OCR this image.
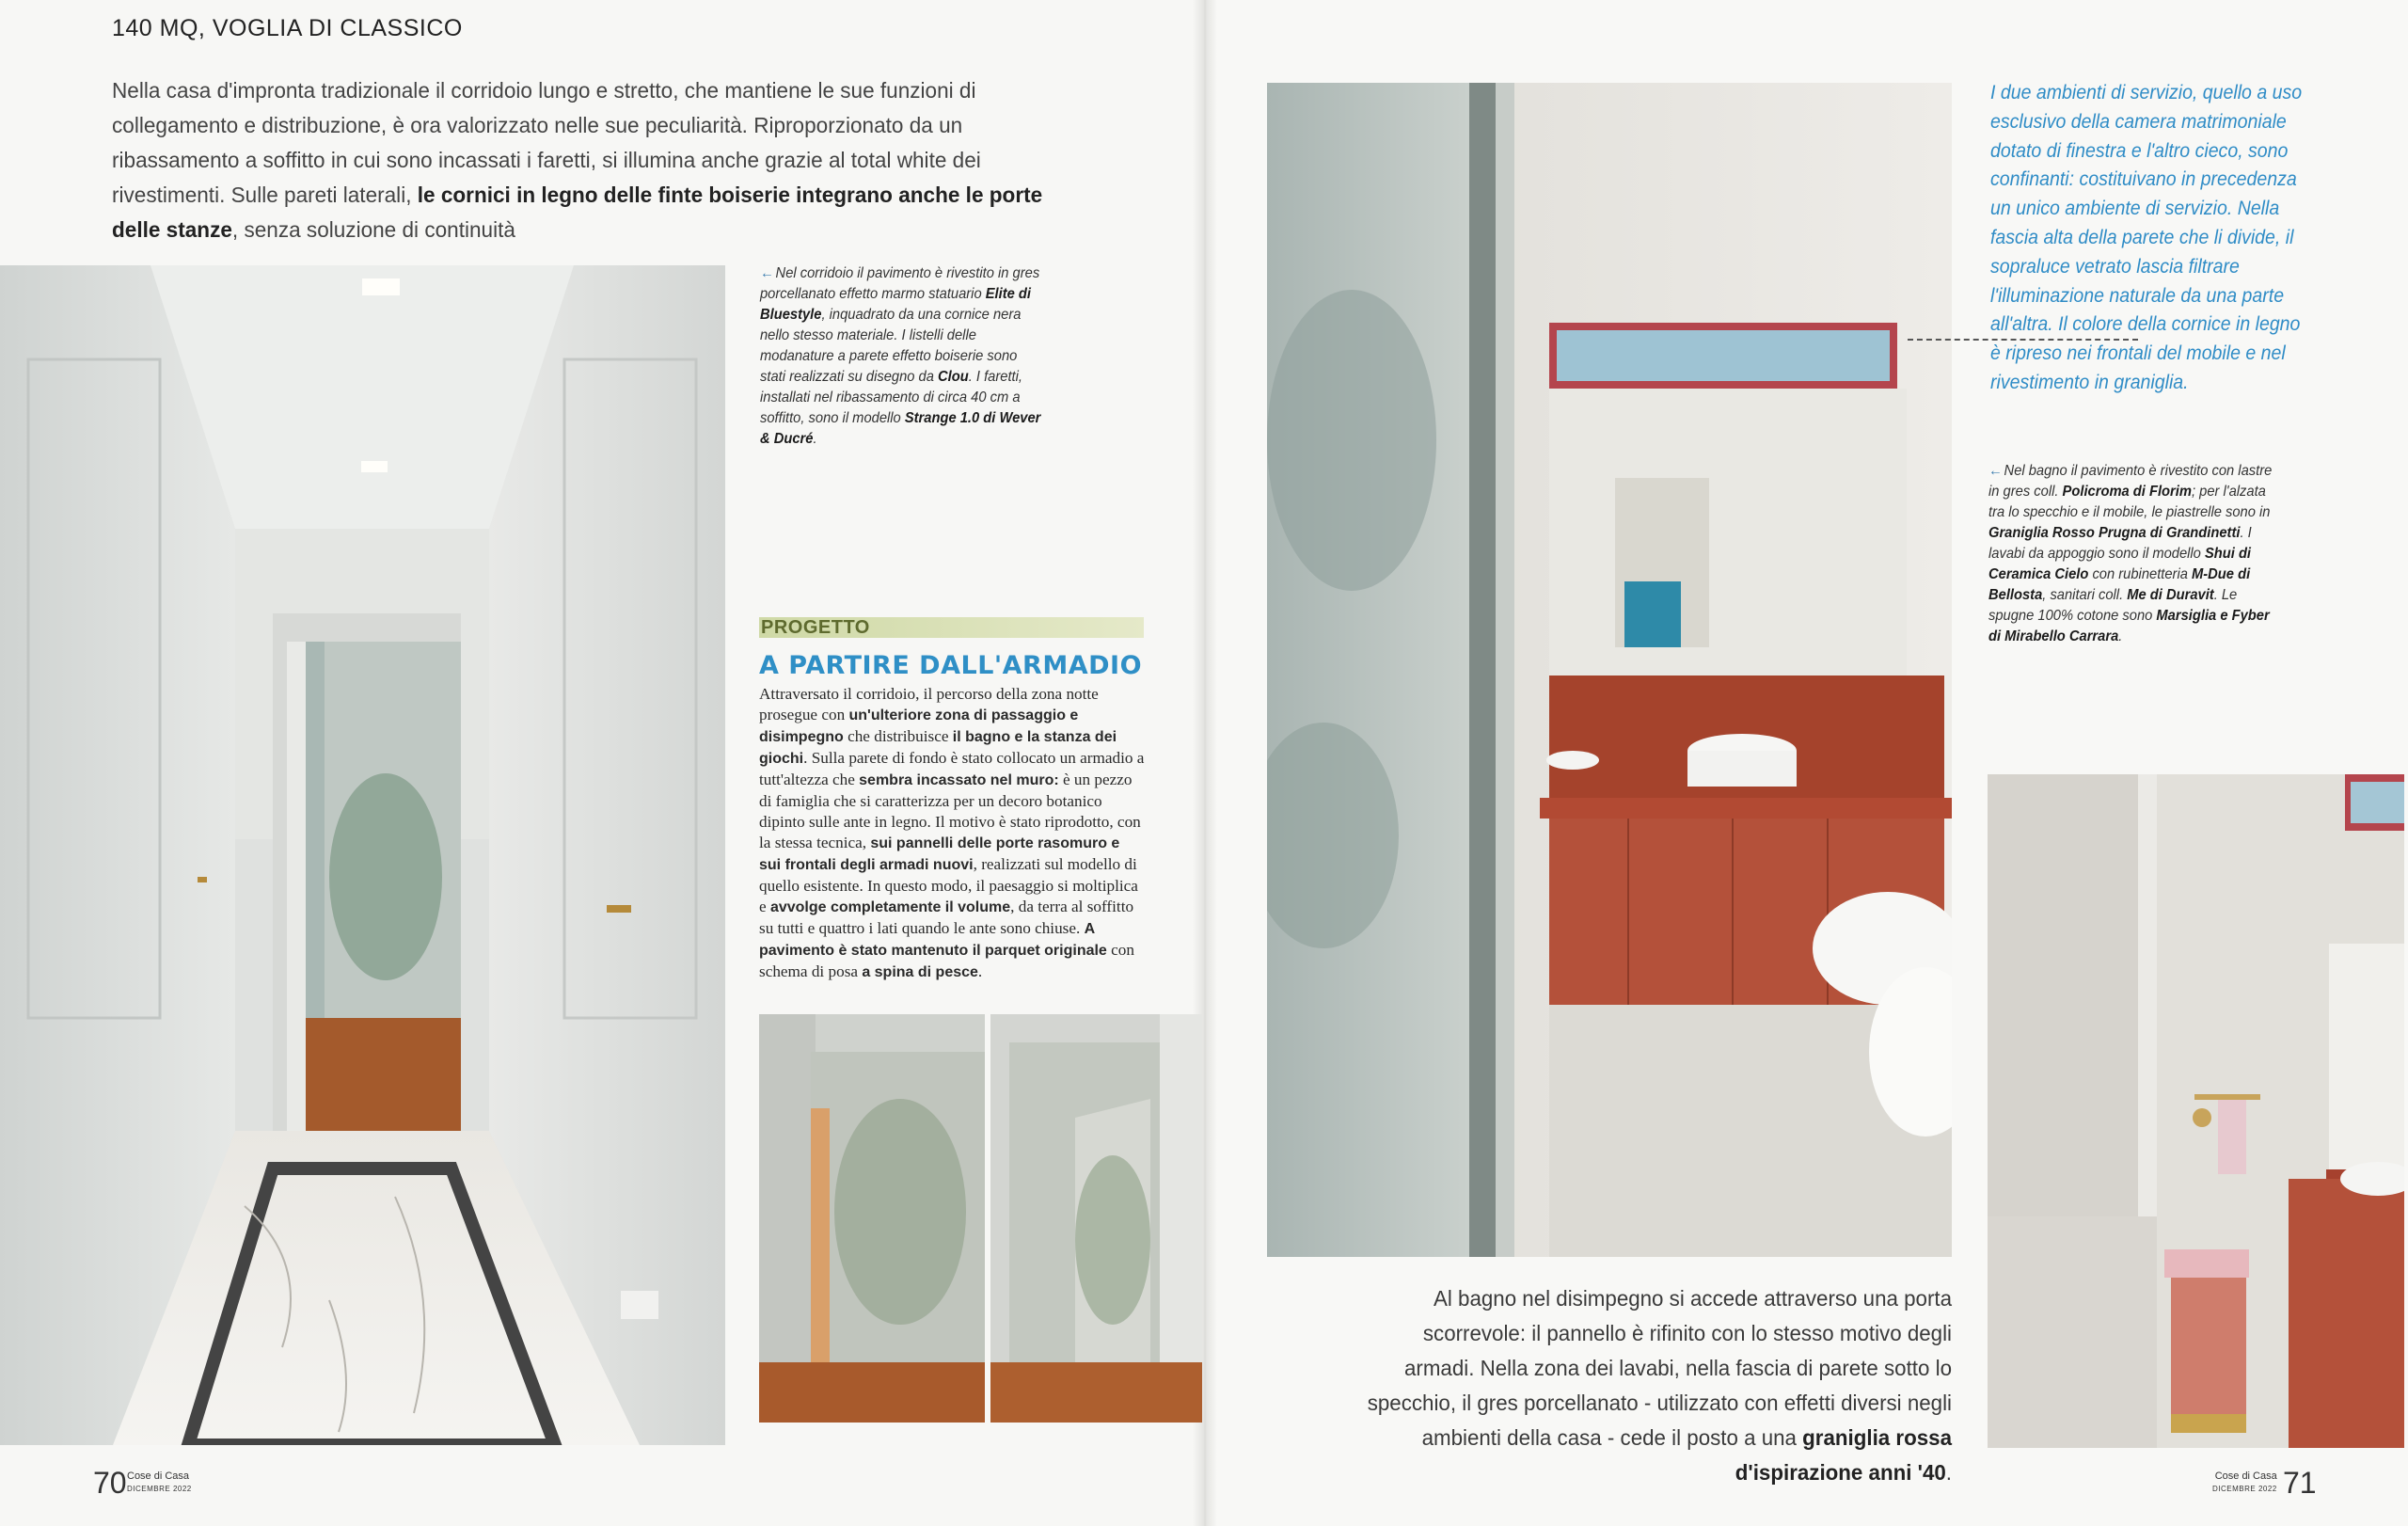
140 MQ, VOGLIA DI CLASSICO
Nella casa d'impronta tradizionale il corridoio lungo e stretto, che mantiene le sue funzioni di collegamento e distribuzione, è ora valorizzato nelle sue peculiarità. Riproporzionato da un ribassamento a soffitto in cui sono incassati i faretti, si illumina anche grazie al total white dei rivestimenti. Sulle pareti laterali, le cornici in legno delle finte boiserie integrano anche le porte delle stanze, senza soluzione di continuità
← Nel corridoio il pavimento è rivestito in gres porcellanato effetto marmo statuario Elite di Bluestyle, inquadrato da una cornice nera nello stesso materiale. I listelli delle modanature a parete effetto boiserie sono stati realizzati su disegno da Clou. I faretti, installati nel ribassamento di circa 40 cm a soffitto, sono il modello Strange 1.0 di Wever & Ducré.
PROGETTO
A PARTIRE DALL'ARMADIO
Attraversato il corridoio, il percorso della zona notte prosegue con un'ulteriore zona di passaggio e disimpegno che distribuisce il bagno e la stanza dei giochi. Sulla parete di fondo è stato collocato un armadio a tutt'altezza che sembra incassato nel muro: è un pezzo di famiglia che si caratterizza per un decoro botanico dipinto sulle ante in legno. Il motivo è stato riprodotto, con la stessa tecnica, sui pannelli delle porte rasomuro e sui frontali degli armadi nuovi, realizzati sul modello di quello esistente. In questo modo, il paesaggio si moltiplica e avvolge completamente il volume, da terra al soffitto su tutti e quattro i lati quando le ante sono chiuse. A pavimento è stato mantenuto il parquet originale con schema di posa a spina di pesce.
70 Cose di Casa
DICEMBRE 2022
I due ambienti di servizio, quello a uso esclusivo della camera matrimoniale dotato di finestra e l'altro cieco, sono confinanti: costituivano in precedenza un unico ambiente di servizio. Nella fascia alta della parete che li divide, il sopraluce vetrato lascia filtrare l'illuminazione naturale da una parte all'altra. Il colore della cornice in legno è ripreso nei frontali del mobile e nel rivestimento in graniglia.
← Nel bagno il pavimento è rivestito con lastre in gres coll. Policroma di Florim; per l'alzata tra lo specchio e il mobile, le piastrelle sono in Graniglia Rosso Prugna di Grandinetti. I lavabi da appoggio sono il modello Shui di Ceramica Cielo con rubinetteria M-Due di Bellosta, sanitari coll. Me di Duravit. Le spugne 100% cotone sono Marsiglia e Fyber di Mirabello Carrara.
Al bagno nel disimpegno si accede attraverso una porta scorrevole: il pannello è rifinito con lo stesso motivo degli armadi. Nella zona dei lavabi, nella fascia di parete sotto lo specchio, il gres porcellanato - utilizzato con effetti diversi negli ambienti della casa - cede il posto a una graniglia rossa d'ispirazione anni '40.	Cose di Casa
DICEMBRE 2022 71
